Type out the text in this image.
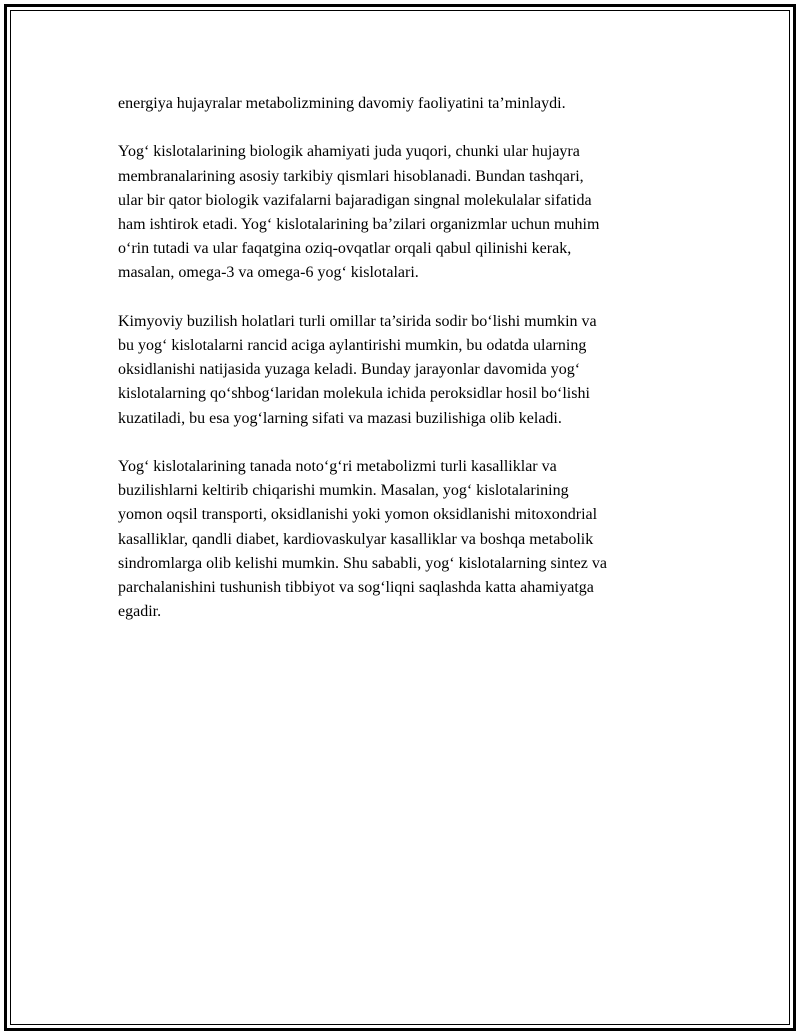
energiya hujayralar metabolizmining davomiy faoliyatini ta’minlaydi.

Yog‘ kislotalarining biologik ahamiyati juda yuqori, chunki ular hujayra
membranalarining asosiy tarkibiy qismlari hisoblanadi. Bundan tashqari,
ular bir qator biologik vazifalarni bajaradigan singnal molekulalar sifatida
ham ishtirok etadi. Yog‘ kislotalarining ba’zilari organizmlar uchun muhim
o‘rin tutadi va ular faqatgina oziq-ovqatlar orqali qabul qilinishi kerak,
masalan, omega-3 va omega-6 yog‘ kislotalari.

Kimyoviy buzilish holatlari turli omillar ta’sirida sodir bo‘lishi mumkin va
bu yog‘ kislotalarni rancid aciga aylantirishi mumkin, bu odatda ularning
oksidlanishi natijasida yuzaga keladi. Bunday jarayonlar davomida yog‘
kislotalarning qo‘shbog‘laridan molekula ichida peroksidlar hosil bo‘lishi
kuzatiladi, bu esa yog‘larning sifati va mazasi buzilishiga olib keladi.

Yog‘ kislotalarining tanada noto‘g‘ri metabolizmi turli kasalliklar va
buzilishlarni keltirib chiqarishi mumkin. Masalan, yog‘ kislotalarining
yomon oqsil transporti, oksidlanishi yoki yomon oksidlanishi mitoxondrial
kasalliklar, qandli diabet, kardiovaskulyar kasalliklar va boshqa metabolik
sindromlarga olib kelishi mumkin. Shu sababli, yog‘ kislotalarning sintez va
parchalanishini tushunish tibbiyot va sog‘liqni saqlashda katta ahamiyatga
egadir.
